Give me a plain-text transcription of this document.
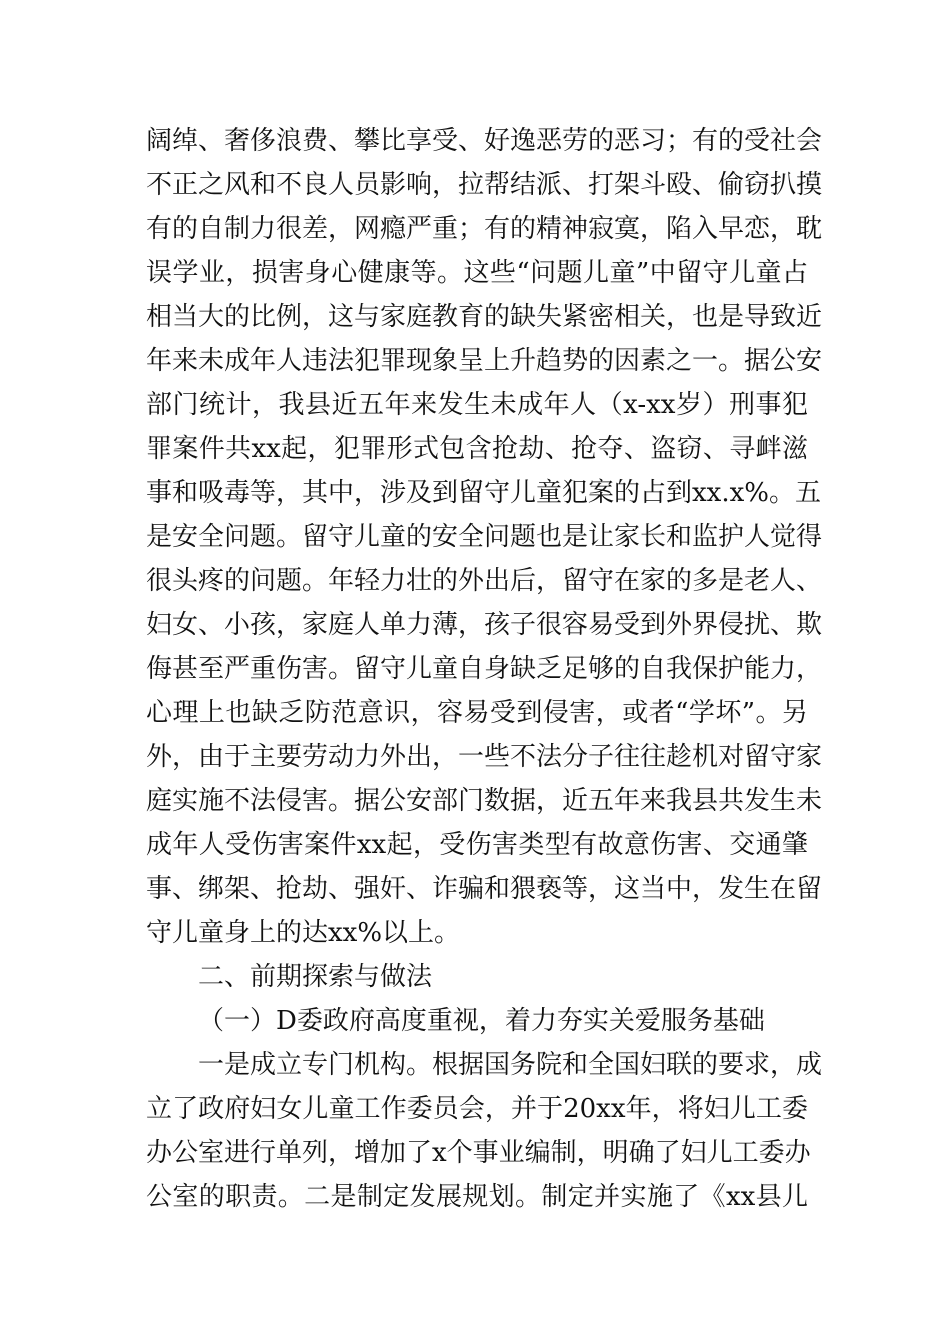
阔绰、奢侈浪费、攀比享受、好逸恶劳的恶习；有的受社会
不正之风和不良人员影响，拉帮结派、打架斗殴、偷窃扒摸
有的自制力很差，网瘾严重；有的精神寂寞，陷入早恋，耽
误学业，损害身心健康等。这些“问题儿童”中留守儿童占
相当大的比例，这与家庭教育的缺失紧密相关，也是导致近
年来未成年人违法犯罪现象呈上升趋势的因素之一。据公安
部门统计，我县近五年来发生未成年人（x-xx岁）刑事犯
罪案件共xx起，犯罪形式包含抢劫、抢夺、盗窃、寻衅滋
事和吸毒等，其中，涉及到留守儿童犯案的占到xx.x%。五
是安全问题。留守儿童的安全问题也是让家长和监护人觉得
很头疼的问题。年轻力壮的外出后，留守在家的多是老人、
妇女、小孩，家庭人单力薄，孩子很容易受到外界侵扰、欺
侮甚至严重伤害。留守儿童自身缺乏足够的自我保护能力，
心理上也缺乏防范意识，容易受到侵害，或者“学坏”。另
外，由于主要劳动力外出，一些不法分子往往趁机对留守家
庭实施不法侵害。据公安部门数据，近五年来我县共发生未
成年人受伤害案件xx起，受伤害类型有故意伤害、交通肇
事、绑架、抢劫、强奸、诈骗和猥亵等，这当中，发生在留
守儿童身上的达xx%以上。
二、前期探索与做法
（一）D委政府高度重视，着力夯实关爱服务基础
一是成立专门机构。根据国务院和全国妇联的要求，成
立了政府妇女儿童工作委员会，并于20xx年，将妇儿工委
办公室进行单列，增加了x个事业编制，明确了妇儿工委办
公室的职责。二是制定发展规划。制定并实施了《xx县儿
